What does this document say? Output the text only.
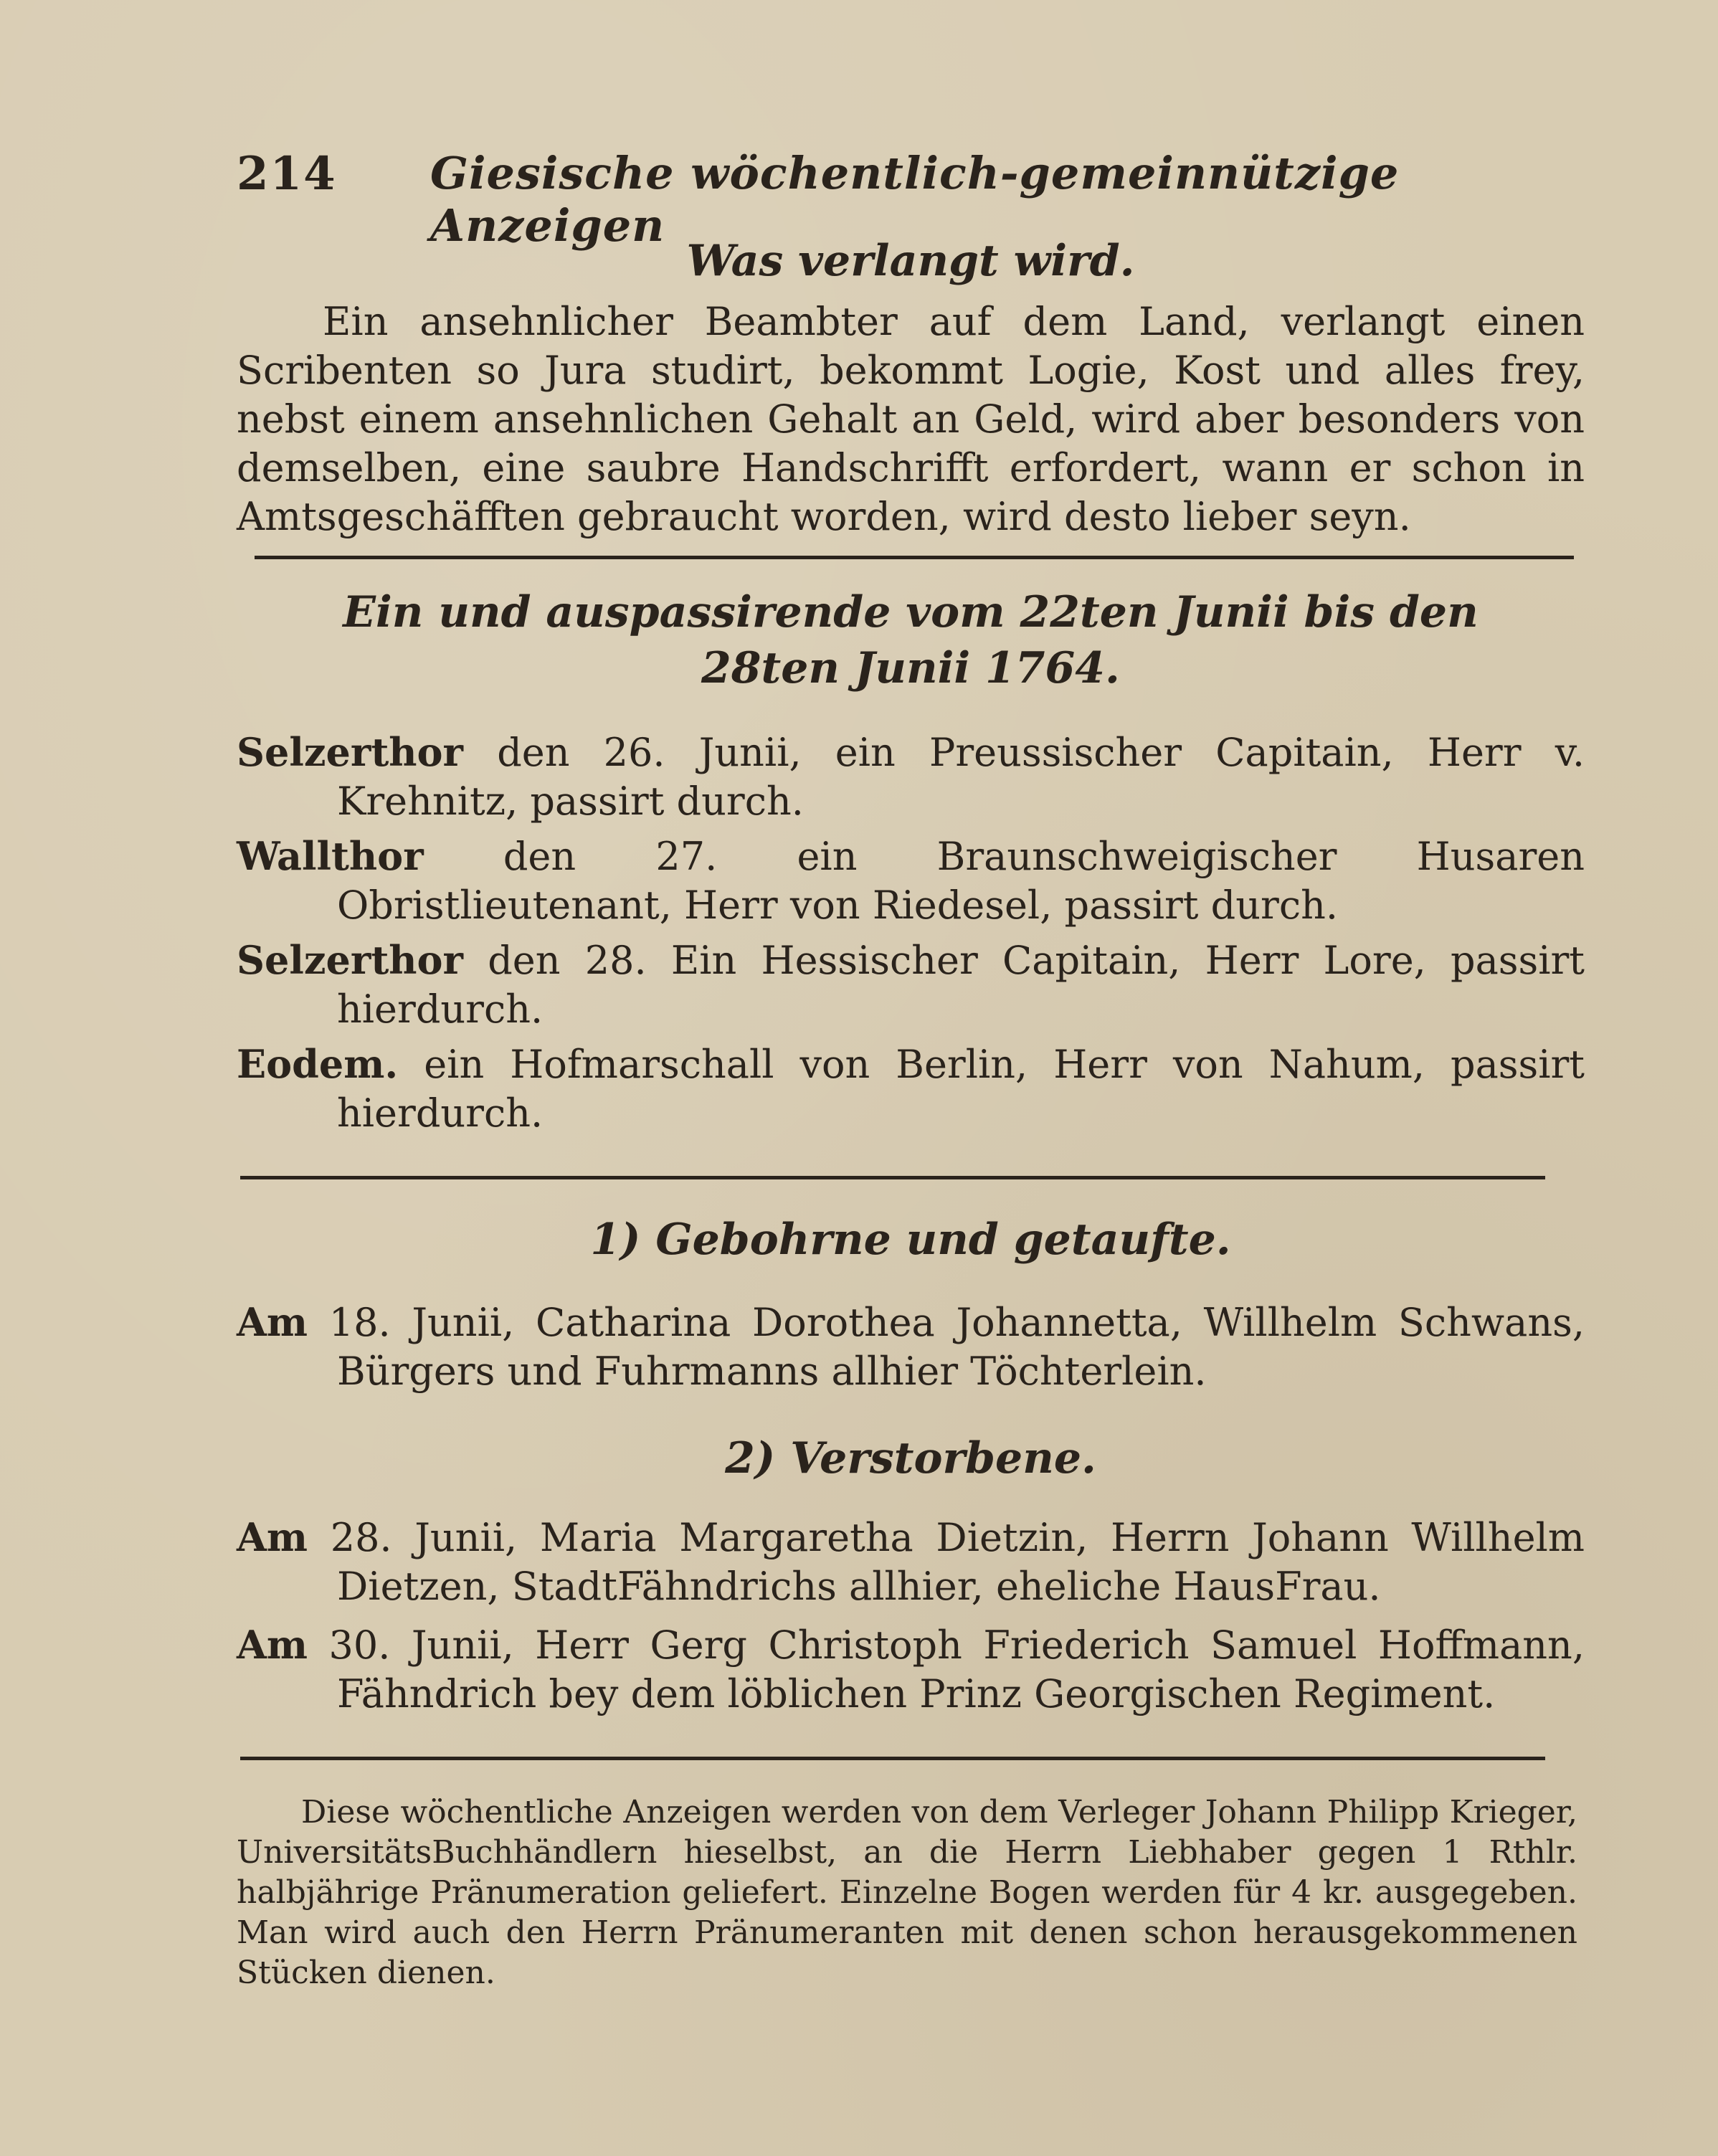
214 Giesische wöchentlich-gemeinnützige Anzeigen
Was verlangt wird.
Ein ansehnlicher Beambter auf dem Land, verlangt einen Scribenten so Jura studirt, bekommt Logie, Kost und alles frey, nebst einem ansehnlichen Gehalt an Geld, wird aber besonders von demselben, eine saubre Handschrifft erfordert, wann er schon in Amtsgeschäfften gebraucht worden, wird desto lieber seyn.
Ein und auspassirende vom 22ten Junii bis den
28ten Junii 1764.
Selzerthor den 26. Junii, ein Preussischer Capitain, Herr v. Krehnitz, passirt durch.
Wallthor den 27. ein Braunschweigischer Husaren Obristlieutenant, Herr von Riedesel, passirt durch.
Selzerthor den 28. Ein Hessischer Capitain, Herr Lore, passirt hierdurch.
Eodem. ein Hofmarschall von Berlin, Herr von Nahum, passirt hierdurch.
1) Gebohrne und getaufte.
Am 18. Junii, Catharina Dorothea Johannetta, Willhelm Schwans, Bürgers und Fuhrmanns allhier Töchterlein.
2) Verstorbene.
Am 28. Junii, Maria Margaretha Dietzin, Herrn Johann Willhelm Dietzen, StadtFähndrichs allhier, eheliche HausFrau.
Am 30. Junii, Herr Gerg Christoph Friederich Samuel Hoffmann, Fähndrich bey dem löblichen Prinz Georgischen Regiment.
Diese wöchentliche Anzeigen werden von dem Verleger Johann Philipp Krieger, UniversitätsBuchhändlern hieselbst, an die Herrn Liebhaber gegen 1 Rthlr. halbjährige Pränumeration geliefert. Einzelne Bogen werden für 4 kr. ausgegeben. Man wird auch den Herrn Pränumeranten mit denen schon herausgekommenen Stücken dienen.
